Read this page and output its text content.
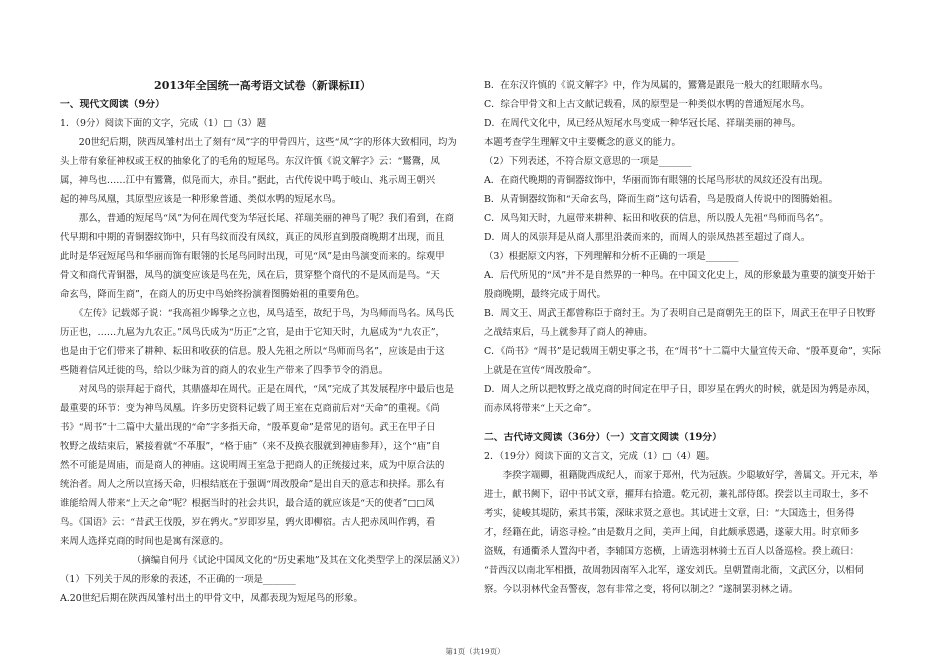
2013年全国统一高考语文试卷（新课标II）
一、现代文阅读（9分）
1．（9分）阅读下面的文字，完成（1）□（3）题
　　20世纪后期，陕西凤雏村出土了刻有“凤”字的甲骨四片，这些“凤”字的形体大致相同，均为
头上带有象征神权或王权的抽象化了的毛角的短尾鸟。东汉许慎《说文解字》云：“鸑鷟，凤
属，神鸟也……江中有鸑鷟，似凫而大，赤目。”据此，古代传说中鸣于岐山、兆示周王朝兴
起的神鸟凤凰，其原型应该是一种形象普通、类似水鸭的短尾水鸟。
　　那么，普通的短尾鸟“凤”为何在周代变为华冠长尾、祥瑞美丽的神鸟了呢？我们看到，在商
代早期和中期的青铜器纹饰中，只有鸟纹而没有凤纹，真正的凤形直到殷商晚期才出现，而且
此时是华冠短尾鸟和华丽而饰有眼翎的长尾鸟同时出现，可见“凤”是由鸟演变而来的。综观甲
骨文和商代青铜器，凤鸟的演变应该是鸟在先，凤在后，贯穿整个商代的不是凤而是鸟。“天
命玄鸟，降而生商”，在商人的历史中鸟始终扮演着图腾始祖的重要角色。
　　《左传》记载郯子说：“我高祖少皞挚之立也，凤鸟适至，故纪于鸟，为鸟师而鸟名。凤鸟氏
历正也，……九扈为九农正。”凤鸟氏成为“历正”之官，是由于它知天时，九扈成为“九农正”，
也是由于它们带来了耕种、耘田和收获的信息。殷人先祖之所以“鸟师而鸟名”，应该是由于这
些随着信风迁徙的鸟，给以少昧为首的商人的农业生产带来了四季节令的消息。
　　对凤鸟的崇拜起于商代，其鼎盛却在周代。正是在周代，“凤”完成了其发展程序中最后也是
最重要的环节：变为神鸟凤凰。许多历史资料记载了周王室在克商前后对“天命”的重视。《尚
书》“周书”十二篇中大量出现的“命”字多指天命，“殷革夏命”是常见的语句。武王在甲子日
牧野之战结束后，紧接着就“不革服”，“格于庙”（来不及换衣服就到神庙参拜），这个“庙”自
然不可能是周庙，而是商人的神庙。这说明周王室急于把商人的正统接过来，成为中原合法的
统治者。周人之所以宣扬天命，归根结底在于强调“周改殷命”是出自天的意志和抉择。那么有
谁能给周人带来“上天之命”呢？根据当时的社会共识，最合适的就应该是“天的使者”□□凤
鸟。《国语》云：“昔武王伐殷，岁在鹑火。”岁即岁星，鹑火即柳宿。古人把赤凤叫作鹑，看
来周人选择克商的时间也是寓有深意的。
（摘编自何丹《试论中国凤文化的“历史素地”及其在文化类型学上的深层涵义》）
（1）下列关于凤的形象的表述，不正确的一项是_______
A.20世纪后期在陕西凤雏村出土的甲骨文中，凤都表现为短尾鸟的形象。
B．在东汉许慎的《说文解字》中，作为凤属的，鸑鷟是跟凫一般大的红眼睛水鸟。
C．综合甲骨文和上古文献记载看，凤的原型是一种类似水鸭的普通短尾水鸟。
D．在周代文化中，凤已经从短尾水鸟变成一种华冠长尾、祥瑞美丽的神鸟。
本题考查学生理解文中主要概念的意义的能力。
（2）下列表述，不符合原文意思的一项是_______
A．在商代晚期的青铜器纹饰中，华丽而饰有眼翎的长尾鸟形状的凤纹还没有出现。
B．从青铜器纹饰和“天命玄鸟，降而生商”这句话看，鸟是殷商人传说中的图腾始祖。
C．凤鸟知天时，九扈带来耕种、耘田和收获的信息，所以殷人先祖“鸟师而鸟名”。
D．周人的凤崇拜是从商人那里沿袭而来的，而周人的崇凤热甚至超过了商人。
（3）根据原文内容，下列理解和分析不正确的一项是_______
A．后代所见的“凤”并不是自然界的一种鸟。在中国文化史上，凤的形象最为重要的演变开始于
殷商晚期，最终完成于周代。
B．周文王、周武王都曾称臣于商纣王。为了表明自己是商朝先王的臣下，周武王在甲子日牧野
之战结束后，马上就参拜了商人的神庙。
C．《尚书》“周书”是记载周王朝史事之书，在“周书”十二篇中大量宣传天命、“殷革夏命”，实际
上就是在宣传“周改殷命”。
D．周人之所以把牧野之战克商的时间定在甲子日，即岁星在鹑火的时候，就是因为鹑是赤凤，
而赤凤将带来“上天之命”。
二、古代诗文阅读（36分）（一）文言文阅读（19分）
2．（19分）阅读下面的文言文，完成（1）□（4）题。
　　李揆字端卿，祖籍陇西成纪人，而家于郑州，代为冠族。少聪敏好学，善属文。开元末，举
进士，献书阙下，诏中书试文章，擢拜右拾遗。乾元初，兼礼部侍郎。揆尝以主司取士，多不
考实，徒峻其堤防，索其书策，深昧求贤之意也。其试进士文章，曰：“大国选士，但务得
才，经籍在此，请恣寻检。”由是数月之间，美声上闻，自此颇承恩遇，遂蒙大用。时京师多
盗贼，有通衢杀人置沟中者，李辅国方恣横，上请选羽林骑士五百人以备巡检。揆上疏曰：
“昔西汉以南北军相摄，故周勃因南军入北军，遂安刘氏。皇朝置南北衙，文武区分，以相伺
察。今以羽林代金吾警夜，忽有非常之变，将何以制之？”遂制罢羽林之请。
第1页（共19页）
